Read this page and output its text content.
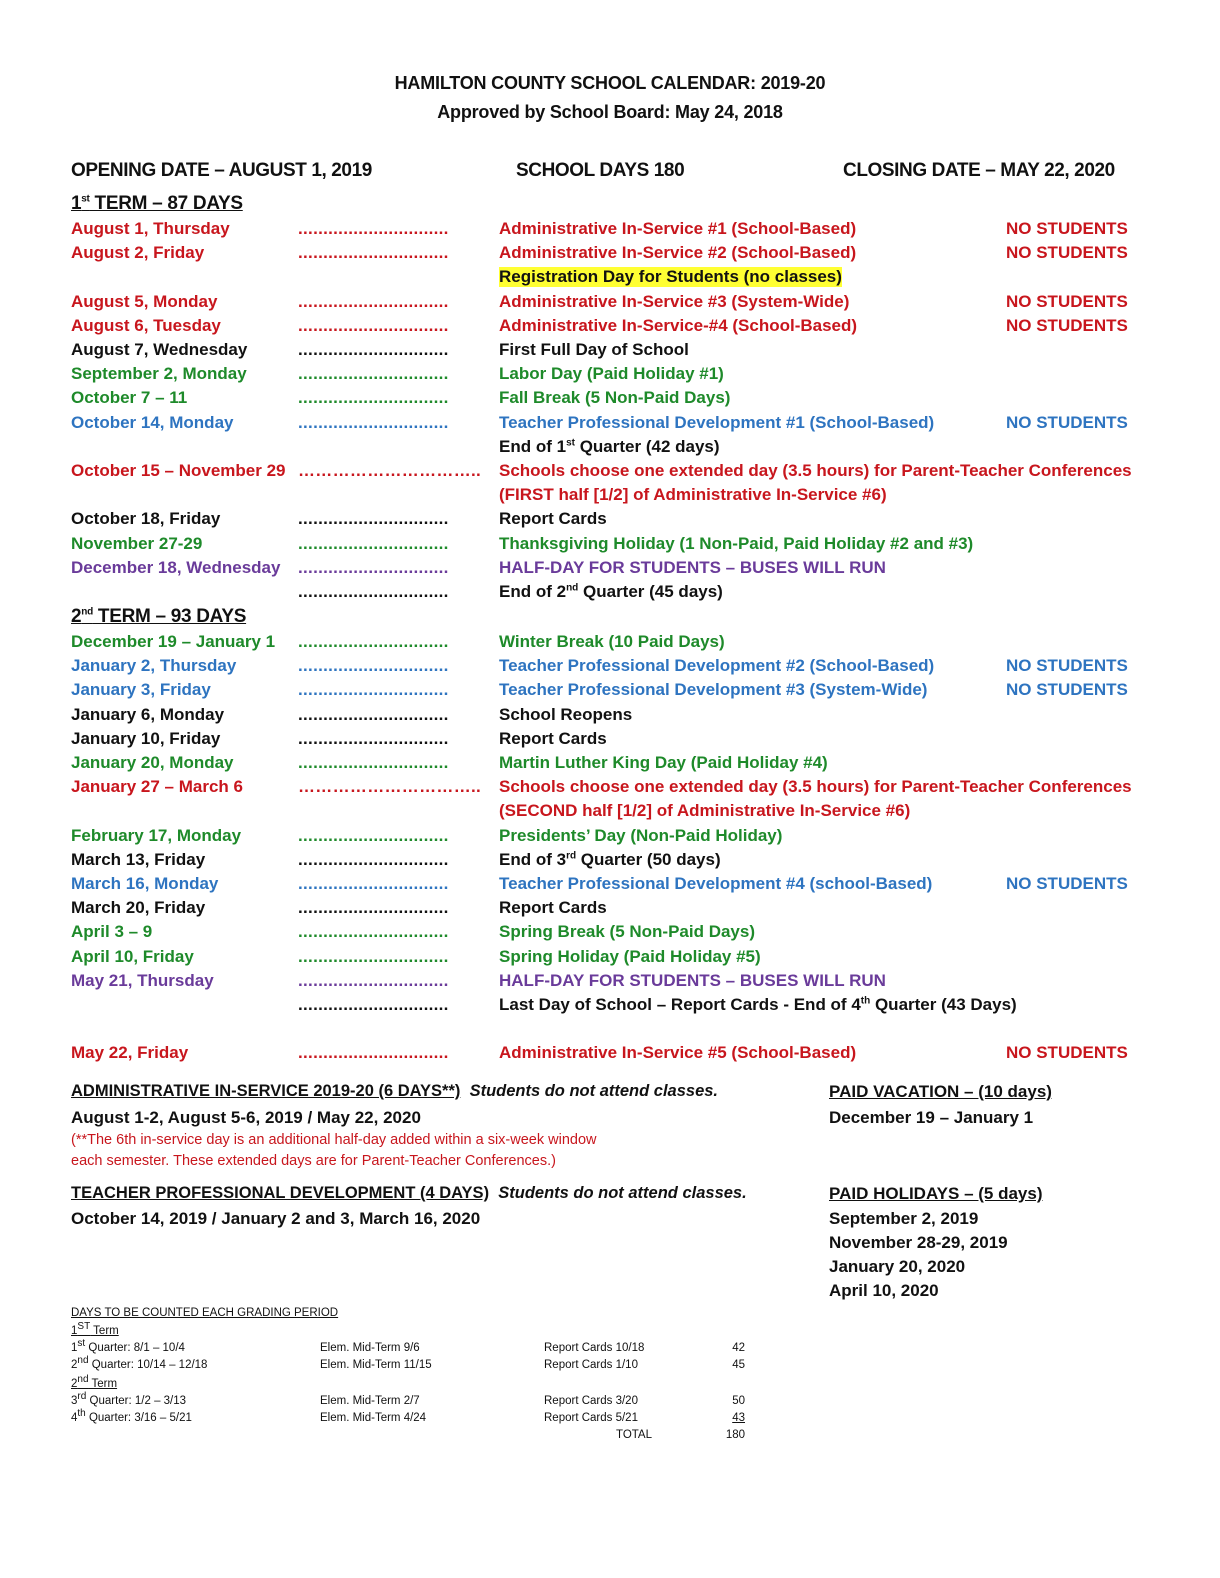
HAMILTON COUNTY SCHOOL CALENDAR: 2019-20
Approved by School Board: May 24, 2018
OPENING DATE – AUGUST 1, 2019	SCHOOL DAYS 180	CLOSING DATE – MAY 22, 2020
1st TERM – 87 DAYS
August 1, Thursday	..............................	Administrative In-Service #1 (School-Based)	NO STUDENTS
August 2, Friday	..............................	Administrative In-Service #2 (School-Based)	NO STUDENTS
Registration Day for Students (no classes)
August 5, Monday	..............................	Administrative In-Service #3 (System-Wide)	NO STUDENTS
August 6, Tuesday	..............................	Administrative In-Service-#4 (School-Based)	NO STUDENTS
August 7, Wednesday	..............................	First Full Day of School
September 2, Monday	..............................	Labor Day (Paid Holiday #1)
October 7 – 11	..............................	Fall Break (5 Non-Paid Days)
October 14, Monday	..............................	Teacher Professional Development #1 (School-Based)	NO STUDENTS
End of 1st Quarter (42 days)
October 15 – November 29 ………………………….. Schools choose one extended day (3.5 hours) for Parent-Teacher Conferences
(FIRST half [1/2] of Administrative In-Service #6)
October 18, Friday	..............................	Report Cards
November 27-29	..............................	Thanksgiving Holiday (1 Non-Paid, Paid Holiday #2 and #3)
December 18, Wednesday ..............................	HALF-DAY FOR STUDENTS – BUSES WILL RUN
..............................	End of 2nd Quarter (45 days)
2nd TERM – 93 DAYS
December 19 – January 1 ..............................	Winter Break (10 Paid Days)
January 2, Thursday	..............................	Teacher Professional Development #2 (School-Based)	NO STUDENTS
January 3, Friday	..............................	Teacher Professional Development #3 (System-Wide)	NO STUDENTS
January 6, Monday	..............................	School Reopens
January 10, Friday	..............................	Report Cards
January 20, Monday	..............................	Martin Luther King Day (Paid Holiday #4)
January 27 – March 6	………………………….. Schools choose one extended day (3.5 hours) for Parent-Teacher Conferences
(SECOND half [1/2] of Administrative In-Service #6)
February 17, Monday	..............................	Presidents’ Day (Non-Paid Holiday)
March 13, Friday	..............................	End of 3rd Quarter (50 days)
March 16, Monday	..............................	Teacher Professional Development #4 (school-Based)	NO STUDENTS
March 20, Friday	..............................	Report Cards
April 3 – 9	..............................	Spring Break (5 Non-Paid Days)
April 10, Friday	..............................	Spring Holiday (Paid Holiday #5)
May 21, Thursday	..............................	HALF-DAY FOR STUDENTS – BUSES WILL RUN
..............................	Last Day of School – Report Cards - End of 4th Quarter (43 Days)
May 22, Friday	..............................	Administrative In-Service #5 (School-Based)	NO STUDENTS
ADMINISTRATIVE IN-SERVICE 2019-20 (6 DAYS**) Students do not attend classes.
August 1-2, August 5-6, 2019 / May 22, 2020
(**The 6th in-service day is an additional half-day added within a six-week window
each semester. These extended days are for Parent-Teacher Conferences.)
TEACHER PROFESSIONAL DEVELOPMENT (4 DAYS) Students do not attend classes.
October 14, 2019 / January 2 and 3, March 16, 2020
PAID VACATION – (10 days)
December 19 – January 1
PAID HOLIDAYS – (5 days)
September 2, 2019
November 28-29, 2019
January 20, 2020
April 10, 2020
DAYS TO BE COUNTED EACH GRADING PERIOD
1ST Term
1st Quarter: 8/1 – 10/4	Elem. Mid-Term 9/6	Report Cards 10/18	42
2nd Quarter: 10/14 – 12/18	Elem. Mid-Term 11/15	Report Cards 1/10	45
2nd Term
3rd Quarter: 1/2 – 3/13	Elem. Mid-Term 2/7	Report Cards 3/20	50
4th Quarter: 3/16 – 5/21	Elem. Mid-Term 4/24	Report Cards 5/21	43
TOTAL	180
